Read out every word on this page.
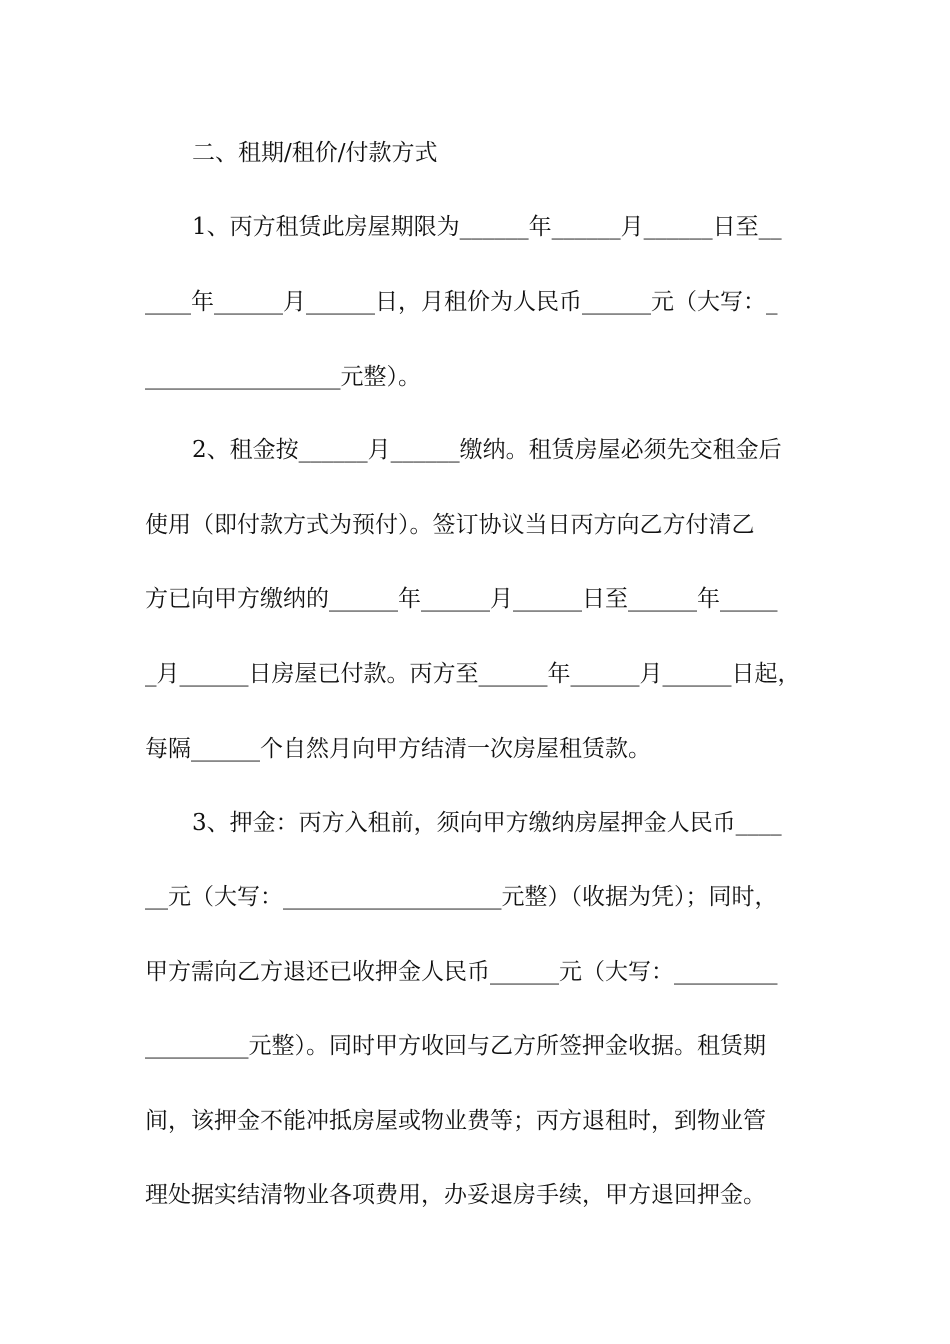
二、租期/租价/付款方式
1、丙方租赁此房屋期限为______年______月______日至__
____年______月______日，月租价为人民币______元（大写：_
_________________元整）。
2、租金按______月______缴纳。租赁房屋必须先交租金后
使用（即付款方式为预付）。签订协议当日丙方向乙方付清乙
方已向甲方缴纳的______年______月______日至______年_____
_月______日房屋已付款。丙方至______年______月______日起，
每隔______个自然月向甲方结清一次房屋租赁款。
3、押金：丙方入租前，须向甲方缴纳房屋押金人民币____
__元（大写：___________________元整）（收据为凭）；同时，
甲方需向乙方退还已收押金人民币______元（大写：_________
_________元整）。同时甲方收回与乙方所签押金收据。租赁期
间，该押金不能冲抵房屋或物业费等；丙方退租时，到物业管
理处据实结清物业各项费用，办妥退房手续，甲方退回押金。
